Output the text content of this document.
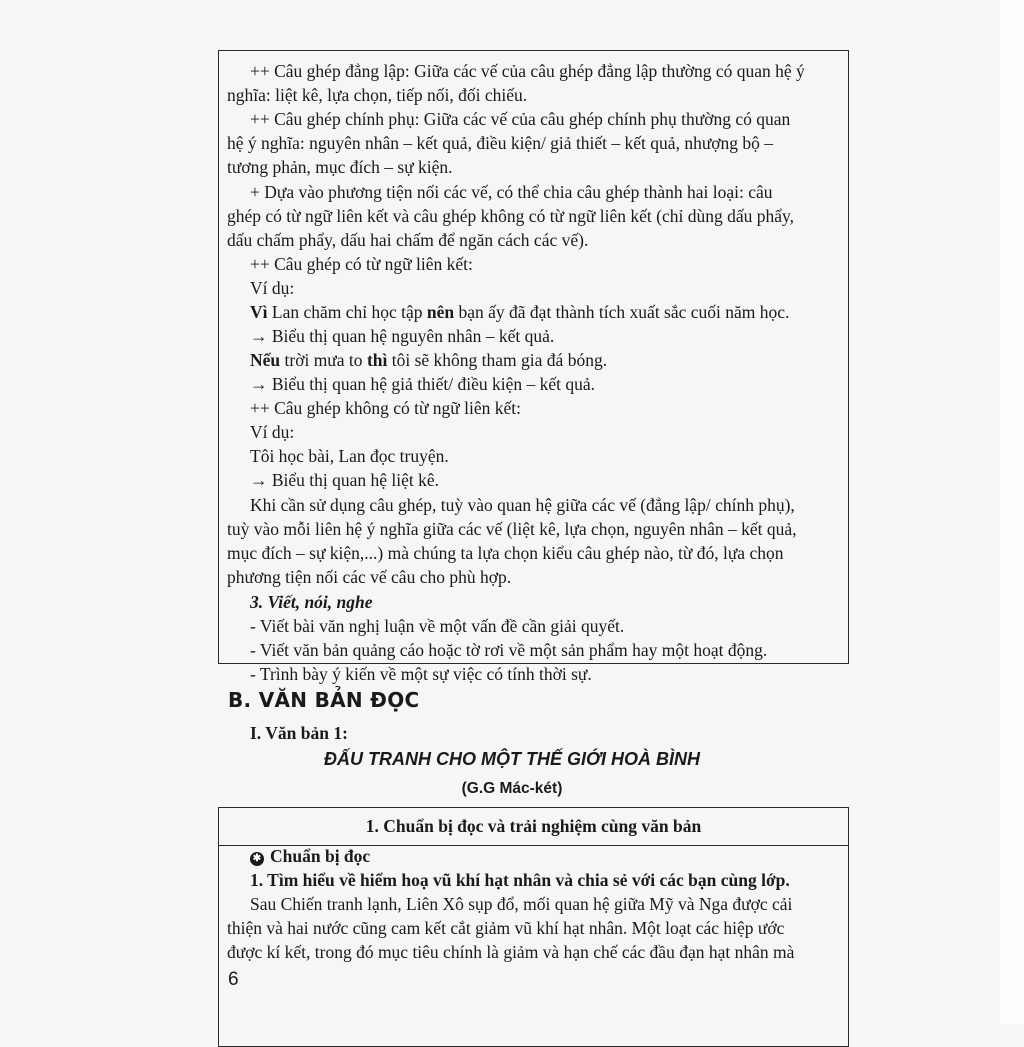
++ Câu ghép đẳng lập: Giữa các vế của câu ghép đẳng lập thường có quan hệ ý
nghĩa: liệt kê, lựa chọn, tiếp nối, đối chiếu.
++ Câu ghép chính phụ: Giữa các vế của câu ghép chính phụ thường có quan
hệ ý nghĩa: nguyên nhân – kết quả, điều kiện/ giả thiết – kết quả, nhượng bộ –
tương phản, mục đích – sự kiện.
+ Dựa vào phương tiện nối các vế, có thể chia câu ghép thành hai loại: câu
ghép có từ ngữ liên kết và câu ghép không có từ ngữ liên kết (chỉ dùng dấu phẩy,
dấu chấm phẩy, dấu hai chấm để ngăn cách các vế).
++ Câu ghép có từ ngữ liên kết:
Ví dụ:
Vì Lan chăm chỉ học tập nên bạn ấy đã đạt thành tích xuất sắc cuối năm học.
→ Biểu thị quan hệ nguyên nhân – kết quả.
Nếu trời mưa to thì tôi sẽ không tham gia đá bóng.
→ Biểu thị quan hệ giả thiết/ điều kiện – kết quả.
++ Câu ghép không có từ ngữ liên kết:
Ví dụ:
Tôi học bài, Lan đọc truyện.
→ Biểu thị quan hệ liệt kê.
Khi cần sử dụng câu ghép, tuỳ vào quan hệ giữa các vế (đẳng lập/ chính phụ),
tuỳ vào mỗi liên hệ ý nghĩa giữa các vế (liệt kê, lựa chọn, nguyên nhân – kết quả,
mục đích – sự kiện,...) mà chúng ta lựa chọn kiểu câu ghép nào, từ đó, lựa chọn
phương tiện nối các vế câu cho phù hợp.
3. Viết, nói, nghe
- Viết bài văn nghị luận về một vấn đề cần giải quyết.
- Viết văn bản quảng cáo hoặc tờ rơi về một sản phẩm hay một hoạt động.
- Trình bày ý kiến về một sự việc có tính thời sự.
B. VĂN BẢN ĐỌC
I. Văn bản 1:
ĐẤU TRANH CHO MỘT THẾ GIỚI HOÀ BÌNH
(G.G Mác-két)
1. Chuẩn bị đọc và trải nghiệm cùng văn bản
✱ Chuẩn bị đọc
1. Tìm hiểu về hiểm hoạ vũ khí hạt nhân và chia sẻ với các bạn cùng lớp.
Sau Chiến tranh lạnh, Liên Xô sụp đổ, mối quan hệ giữa Mỹ và Nga được cải
thiện và hai nước cũng cam kết cắt giảm vũ khí hạt nhân. Một loạt các hiệp ước
được kí kết, trong đó mục tiêu chính là giảm và hạn chế các đầu đạn hạt nhân mà
6
